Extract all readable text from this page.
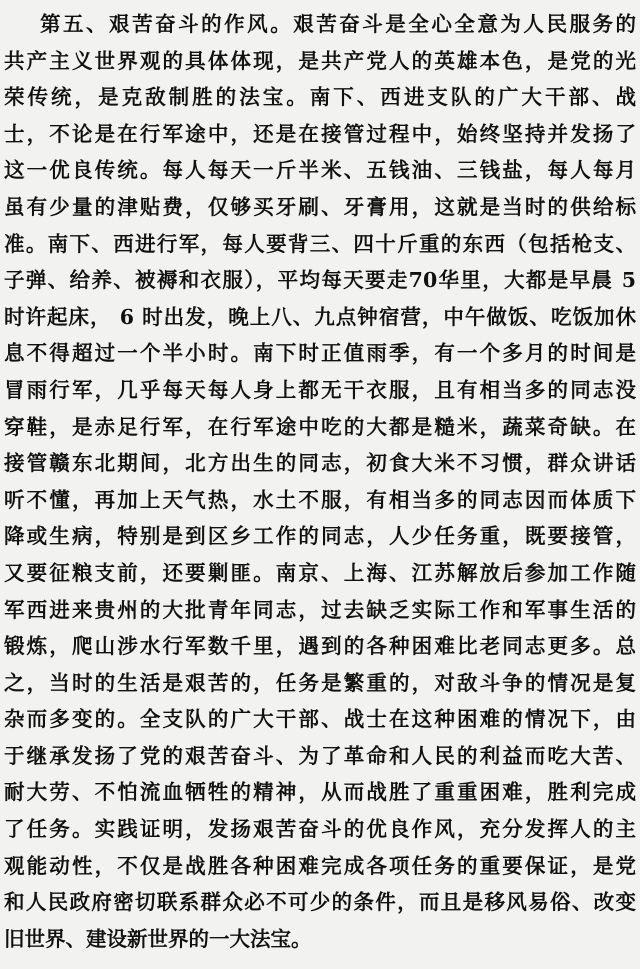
第五、艰苦奋斗的作风。艰苦奋斗是全心全意为人民服务的
共产主义世界观的具体体现，是共产党人的英雄本色，是党的光
荣传统，是克敌制胜的法宝。南下、西进支队的广大干部、战
士，不论是在行军途中，还是在接管过程中，始终坚持并发扬了
这一优良传统。每人每天一斤半米、五钱油、三钱盐，每人每月
虽有少量的津贴费，仅够买牙刷、牙膏用，这就是当时的供给标
准。南下、西进行军，每人要背三、四十斤重的东西（包括枪支、
子弹、给养、被褥和衣服），平均每天要走70华里，大都是早晨 5
时许起床， 6 时出发，晚上八、九点钟宿营，中午做饭、吃饭加休
息不得超过一个半小时。南下时正值雨季，有一个多月的时间是
冒雨行军，几乎每天每人身上都无干衣服，且有相当多的同志没
穿鞋，是赤足行军，在行军途中吃的大都是糙米，蔬菜奇缺。在
接管赣东北期间，北方出生的同志，初食大米不习惯，群众讲话
听不懂，再加上天气热，水土不服，有相当多的同志因而体质下
降或生病，特别是到区乡工作的同志，人少任务重，既要接管，
又要征粮支前，还要剿匪。南京、上海、江苏解放后参加工作随
军西进来贵州的大批青年同志，过去缺乏实际工作和军事生活的
锻炼，爬山涉水行军数千里，遇到的各种困难比老同志更多。总
之，当时的生活是艰苦的，任务是繁重的，对敌斗争的情况是复
杂而多变的。全支队的广大干部、战士在这种困难的情况下，由
于继承发扬了党的艰苦奋斗、为了革命和人民的利益而吃大苦、
耐大劳、不怕流血牺牲的精神，从而战胜了重重困难，胜利完成
了任务。实践证明，发扬艰苦奋斗的优良作风，充分发挥人的主
观能动性，不仅是战胜各种困难完成各项任务的重要保证，是党
和人民政府密切联系群众必不可少的条件，而且是移风易俗、改变
旧世界、建设新世界的一大法宝。
